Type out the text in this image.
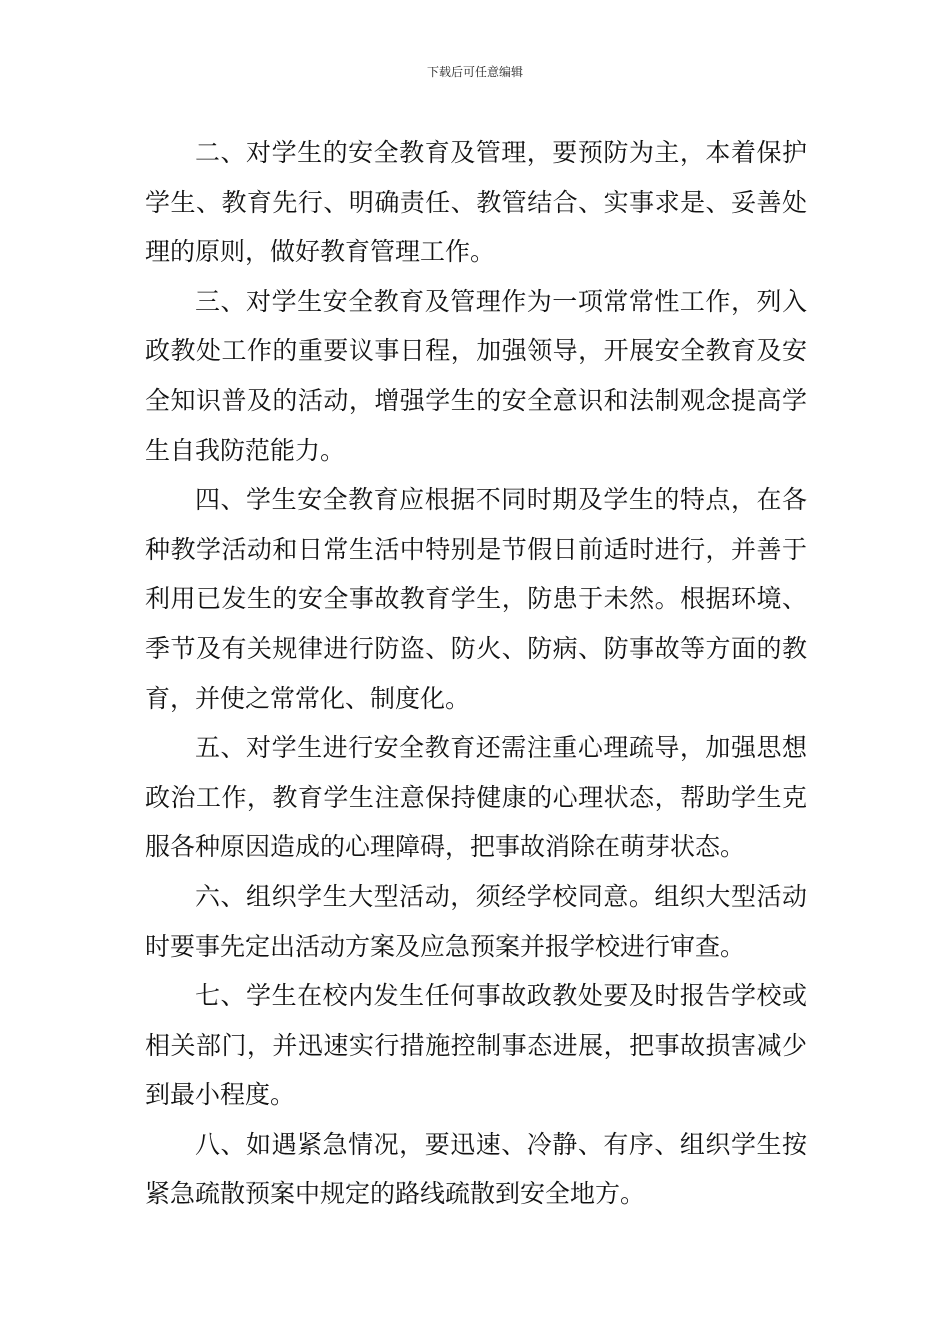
下载后可任意编辑

二、对学生的安全教育及管理，要预防为主，本着保护学生、教育先行、明确责任、教管结合、实事求是、妥善处理的原则，做好教育管理工作。

三、对学生安全教育及管理作为一项常常性工作，列入政教处工作的重要议事日程，加强领导，开展安全教育及安全知识普及的活动，增强学生的安全意识和法制观念提高学生自我防范能力。

四、学生安全教育应根据不同时期及学生的特点，在各种教学活动和日常生活中特别是节假日前适时进行，并善于利用已发生的安全事故教育学生，防患于未然。根据环境、季节及有关规律进行防盗、防火、防病、防事故等方面的教育，并使之常常化、制度化。

五、对学生进行安全教育还需注重心理疏导，加强思想政治工作，教育学生注意保持健康的心理状态，帮助学生克服各种原因造成的心理障碍，把事故消除在萌芽状态。

六、组织学生大型活动，须经学校同意。组织大型活动时要事先定出活动方案及应急预案并报学校进行审查。

七、学生在校内发生任何事故政教处要及时报告学校或相关部门，并迅速实行措施控制事态进展，把事故损害减少到最小程度。

八、如遇紧急情况，要迅速、冷静、有序、组织学生按紧急疏散预案中规定的路线疏散到安全地方。
